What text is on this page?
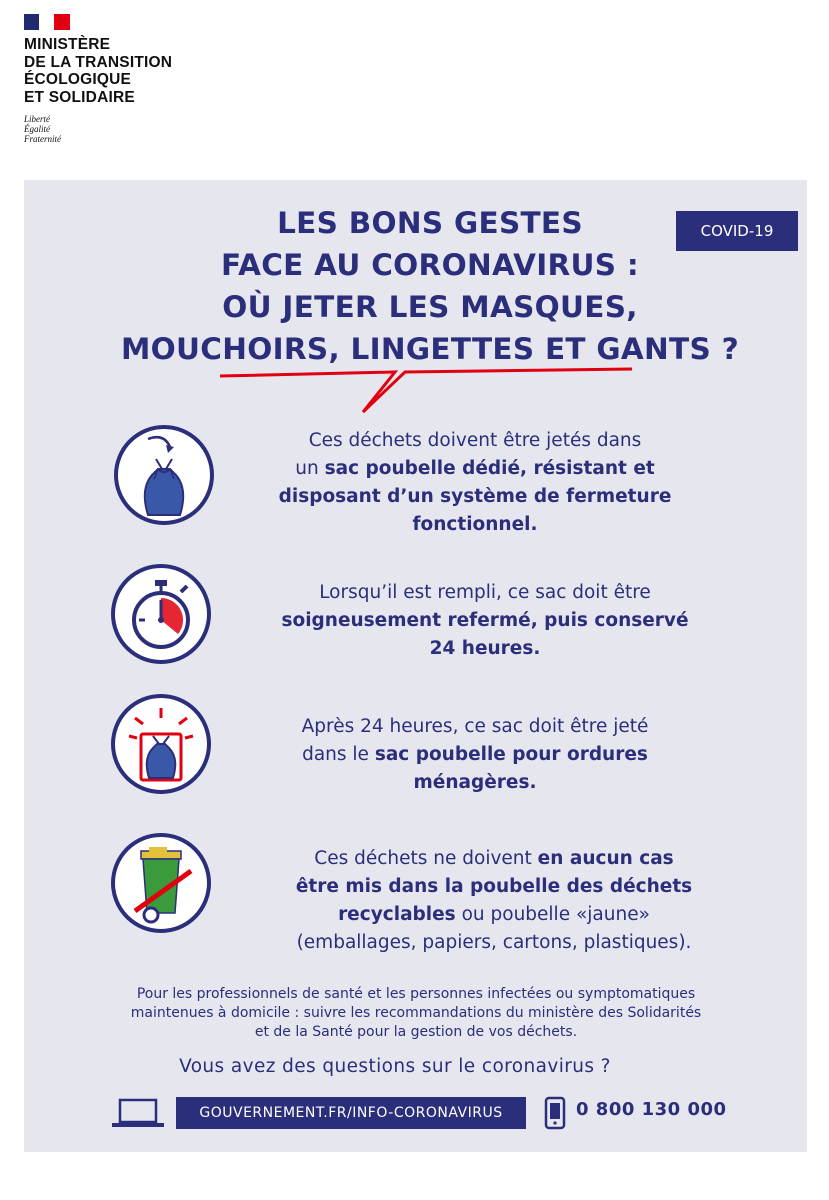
MINISTÈRE
DE LA TRANSITION
ÉCOLOGIQUE
ET SOLIDAIRE
Liberté
Égalité
Fraternité
COVID-19
LES BONS GESTES
FACE AU CORONAVIRUS :
OÙ JETER LES MASQUES,
MOUCHOIRS, LINGETTES ET GANTS ?
Ces déchets doivent être jetés dans
un sac poubelle dédié, résistant et
disposant d’un système de fermeture
fonctionnel.
Lorsqu’il est rempli, ce sac doit être
soigneusement refermé, puis conservé
24 heures.
Après 24 heures, ce sac doit être jeté
dans le sac poubelle pour ordures
ménagères.
Ces déchets ne doivent en aucun cas
être mis dans la poubelle des déchets
recyclables ou poubelle «jaune»
(emballages, papiers, cartons, plastiques).
Pour les professionnels de santé et les personnes infectées ou symptomatiques
maintenues à domicile : suivre les recommandations du ministère des Solidarités
et de la Santé pour la gestion de vos déchets.
Vous avez des questions sur le coronavirus ?
GOUVERNEMENT.FR/INFO-CORONAVIRUS	0 800 130 000
